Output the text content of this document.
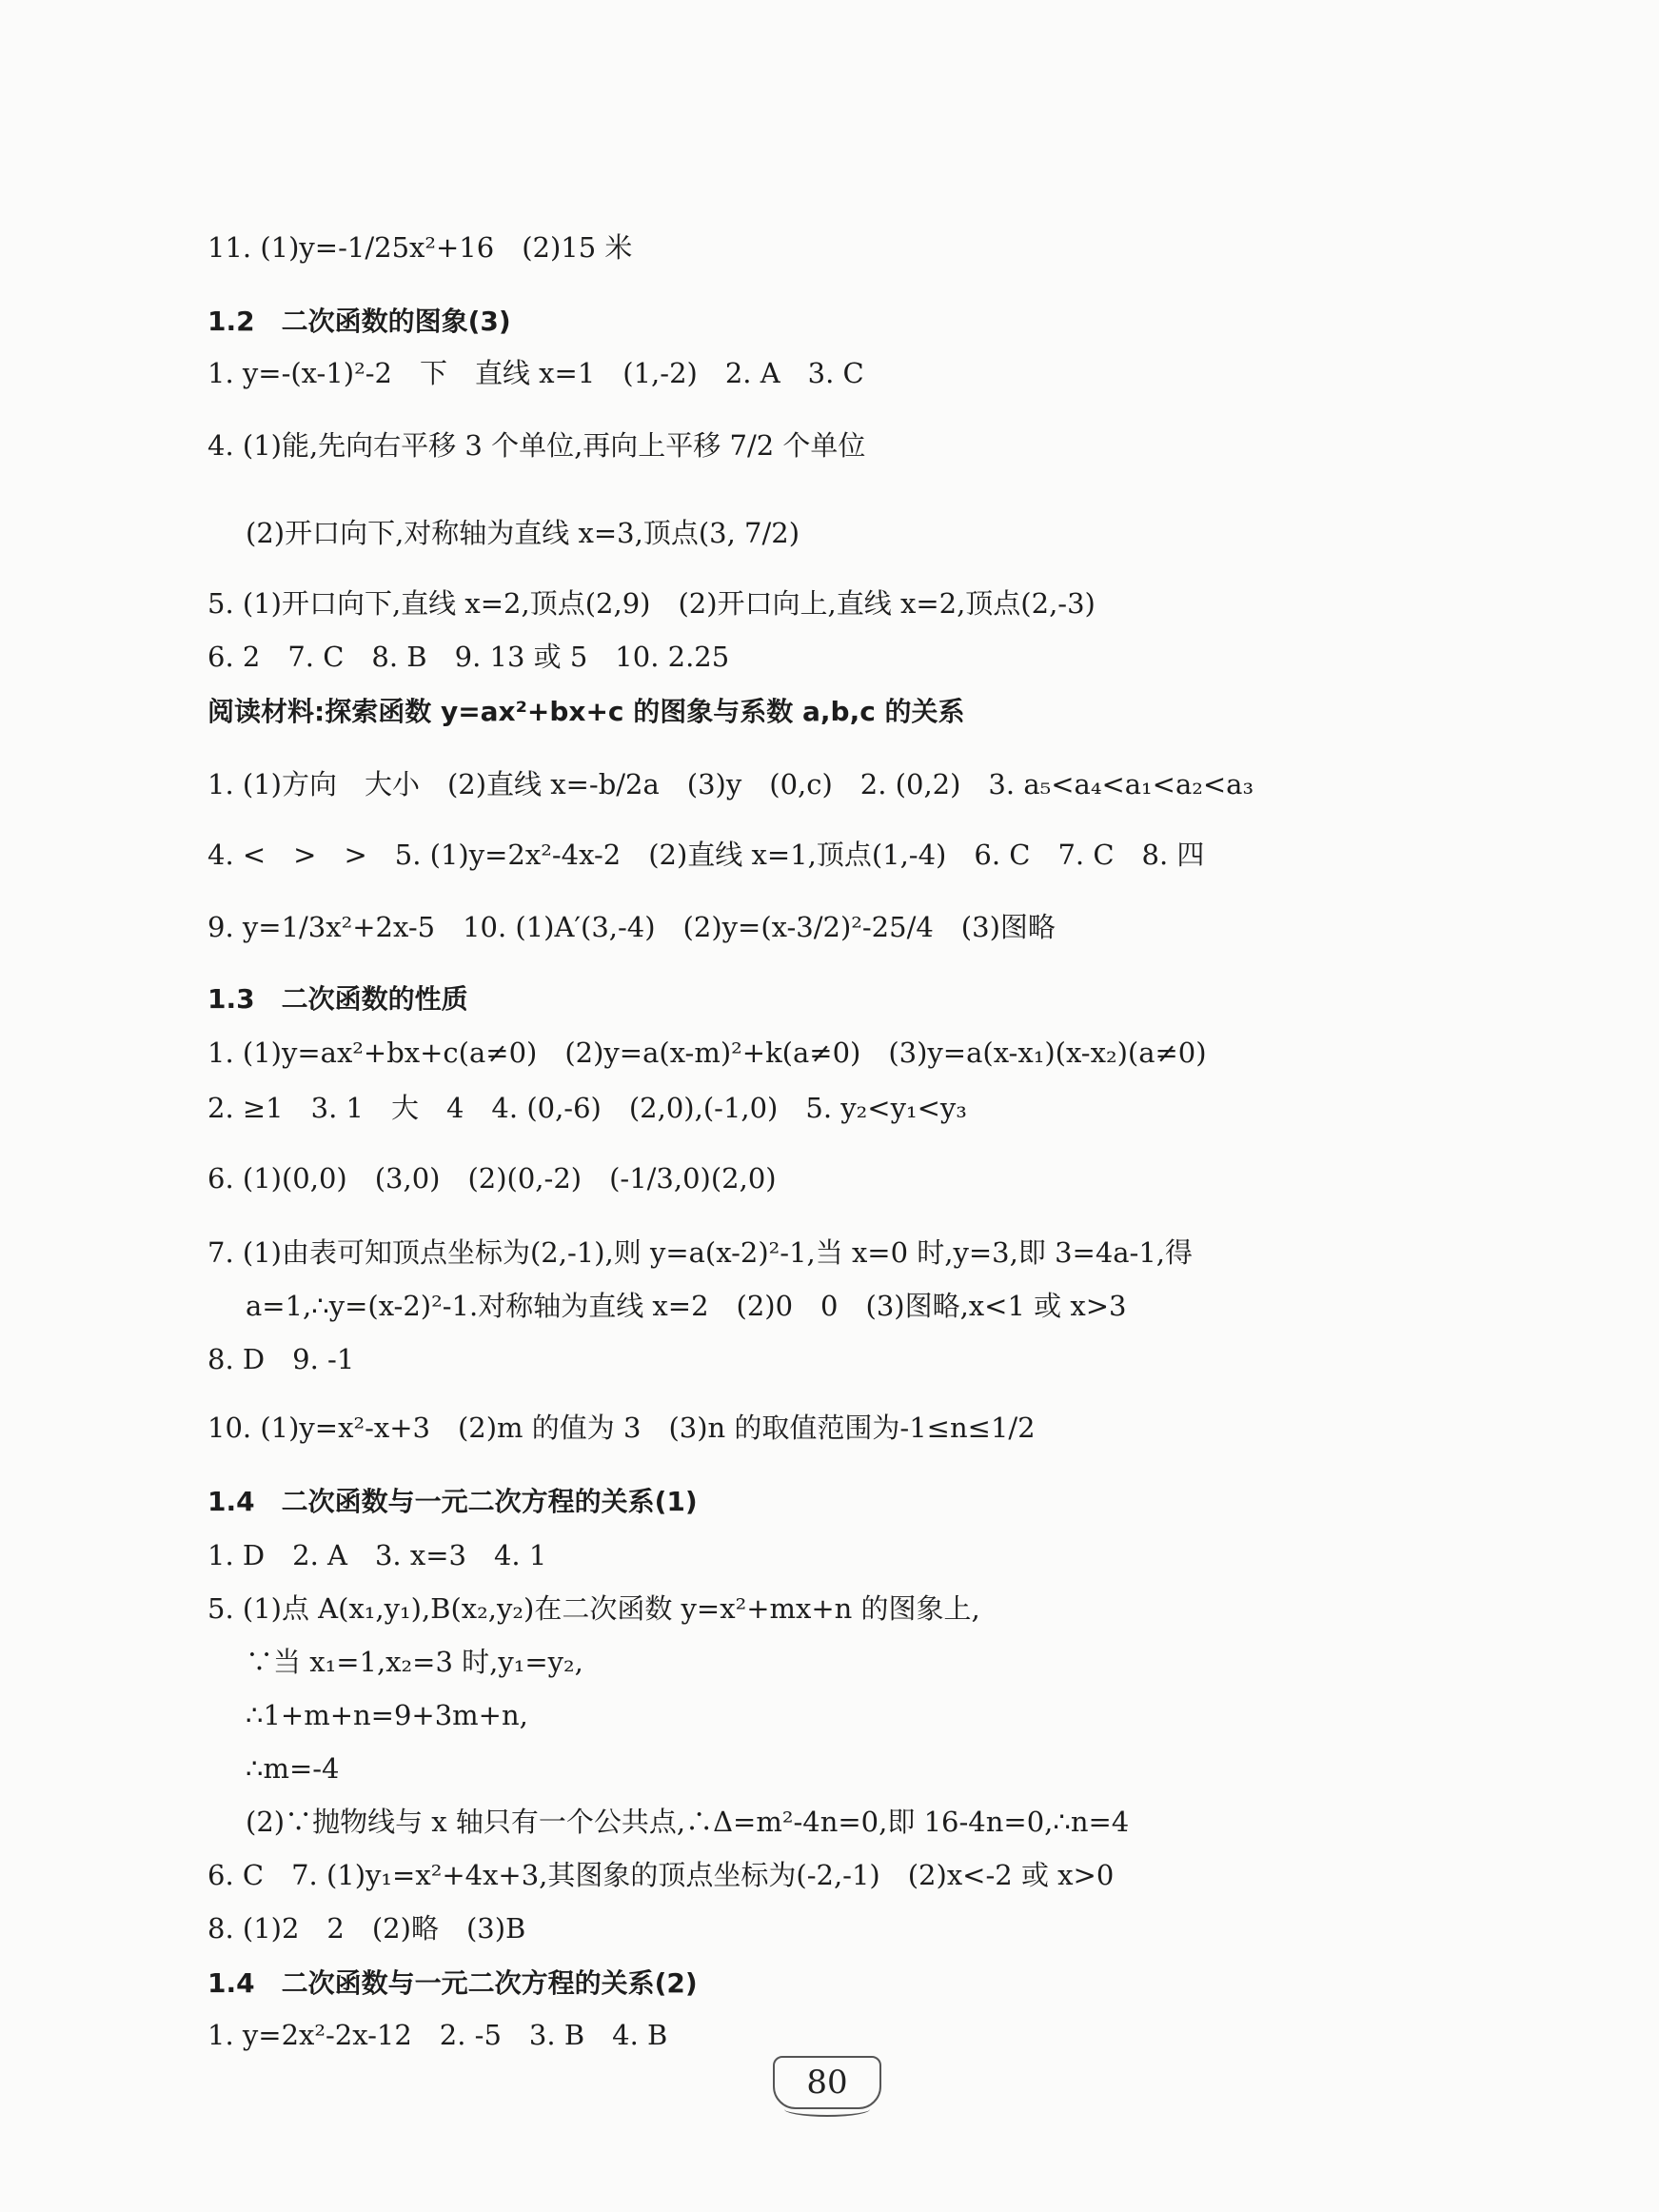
11. (1)y=-1/25x²+16　(2)15 米
1.2　二次函数的图象(3)
1. y=-(x-1)²-2　下　直线 x=1　(1,-2)　2. A　3. C
4. (1)能,先向右平移 3 个单位,再向上平移 7/2 个单位
(2)开口向下,对称轴为直线 x=3,顶点(3, 7/2)
5. (1)开口向下,直线 x=2,顶点(2,9)　(2)开口向上,直线 x=2,顶点(2,-3)
6. 2　7. C　8. B　9. 13 或 5　10. 2.25
阅读材料:探索函数 y=ax²+bx+c 的图象与系数 a,b,c 的关系
1. (1)方向　大小　(2)直线 x=-b/2a　(3)y　(0,c)　2. (0,2)　3. a₅<a₄<a₁<a₂<a₃
4. <　>　>　5. (1)y=2x²-4x-2　(2)直线 x=1,顶点(1,-4)　6. C　7. C　8. 四
9. y=1/3x²+2x-5　10. (1)A′(3,-4)　(2)y=(x-3/2)²-25/4　(3)图略
1.3　二次函数的性质
1. (1)y=ax²+bx+c(a≠0)　(2)y=a(x-m)²+k(a≠0)　(3)y=a(x-x₁)(x-x₂)(a≠0)
2. ≥1　3. 1　大　4　4. (0,-6)　(2,0),(-1,0)　5. y₂<y₁<y₃
6. (1)(0,0)　(3,0)　(2)(0,-2)　(-1/3,0)(2,0)
7. (1)由表可知顶点坐标为(2,-1),则 y=a(x-2)²-1,当 x=0 时,y=3,即 3=4a-1,得
a=1,∴y=(x-2)²-1.对称轴为直线 x=2　(2)0　0　(3)图略,x<1 或 x>3
8. D　9. -1
10. (1)y=x²-x+3　(2)m 的值为 3　(3)n 的取值范围为-1≤n≤1/2
1.4　二次函数与一元二次方程的关系(1)
1. D　2. A　3. x=3　4. 1
5. (1)点 A(x₁,y₁),B(x₂,y₂)在二次函数 y=x²+mx+n 的图象上,
∵当 x₁=1,x₂=3 时,y₁=y₂,
∴1+m+n=9+3m+n,
∴m=-4
(2)∵抛物线与 x 轴只有一个公共点,∴Δ=m²-4n=0,即 16-4n=0,∴n=4
6. C　7. (1)y₁=x²+4x+3,其图象的顶点坐标为(-2,-1)　(2)x<-2 或 x>0
8. (1)2　2　(2)略　(3)B
1.4　二次函数与一元二次方程的关系(2)
1. y=2x²-2x-12　2. -5　3. B　4. B
80
